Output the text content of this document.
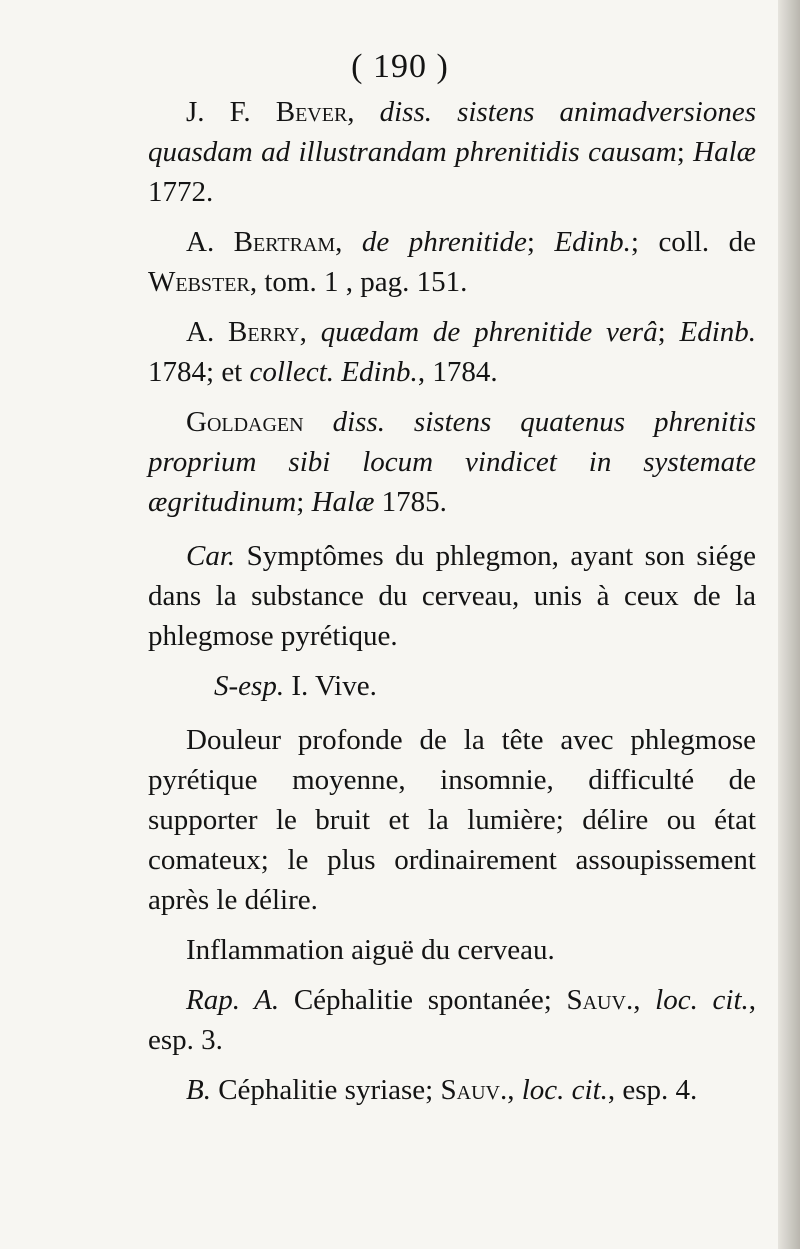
( 190 )

J. F. Bever, diss. sistens animadversiones quasdam ad illustrandam phrenitidis causam; Halæ 1772.

A. Bertram, de phrenitide; Edinb.; coll. de Webster, tom. 1 , pag. 151.

A. Berry, quædam de phrenitide verâ; Edinb. 1784; et collect. Edinb., 1784.

Goldagen diss. sistens quatenus phrenitis proprium sibi locum vindicet in systemate ægritudinum; Halæ 1785.

Car. Symptômes du phlegmon, ayant son siége dans la substance du cerveau, unis à ceux de la phlegmose pyrétique.

S-esp. I. Vive.

Douleur profonde de la tête avec phlegmose pyrétique moyenne, insomnie, difficulté de supporter le bruit et la lumière; délire ou état comateux; le plus ordinairement assoupissement après le délire.

Inflammation aiguë du cerveau.

Rap. A. Céphalitie spontanée; Sauv., loc. cit., esp. 3.

B. Céphalitie syriase; Sauv., loc. cit., esp. 4.
